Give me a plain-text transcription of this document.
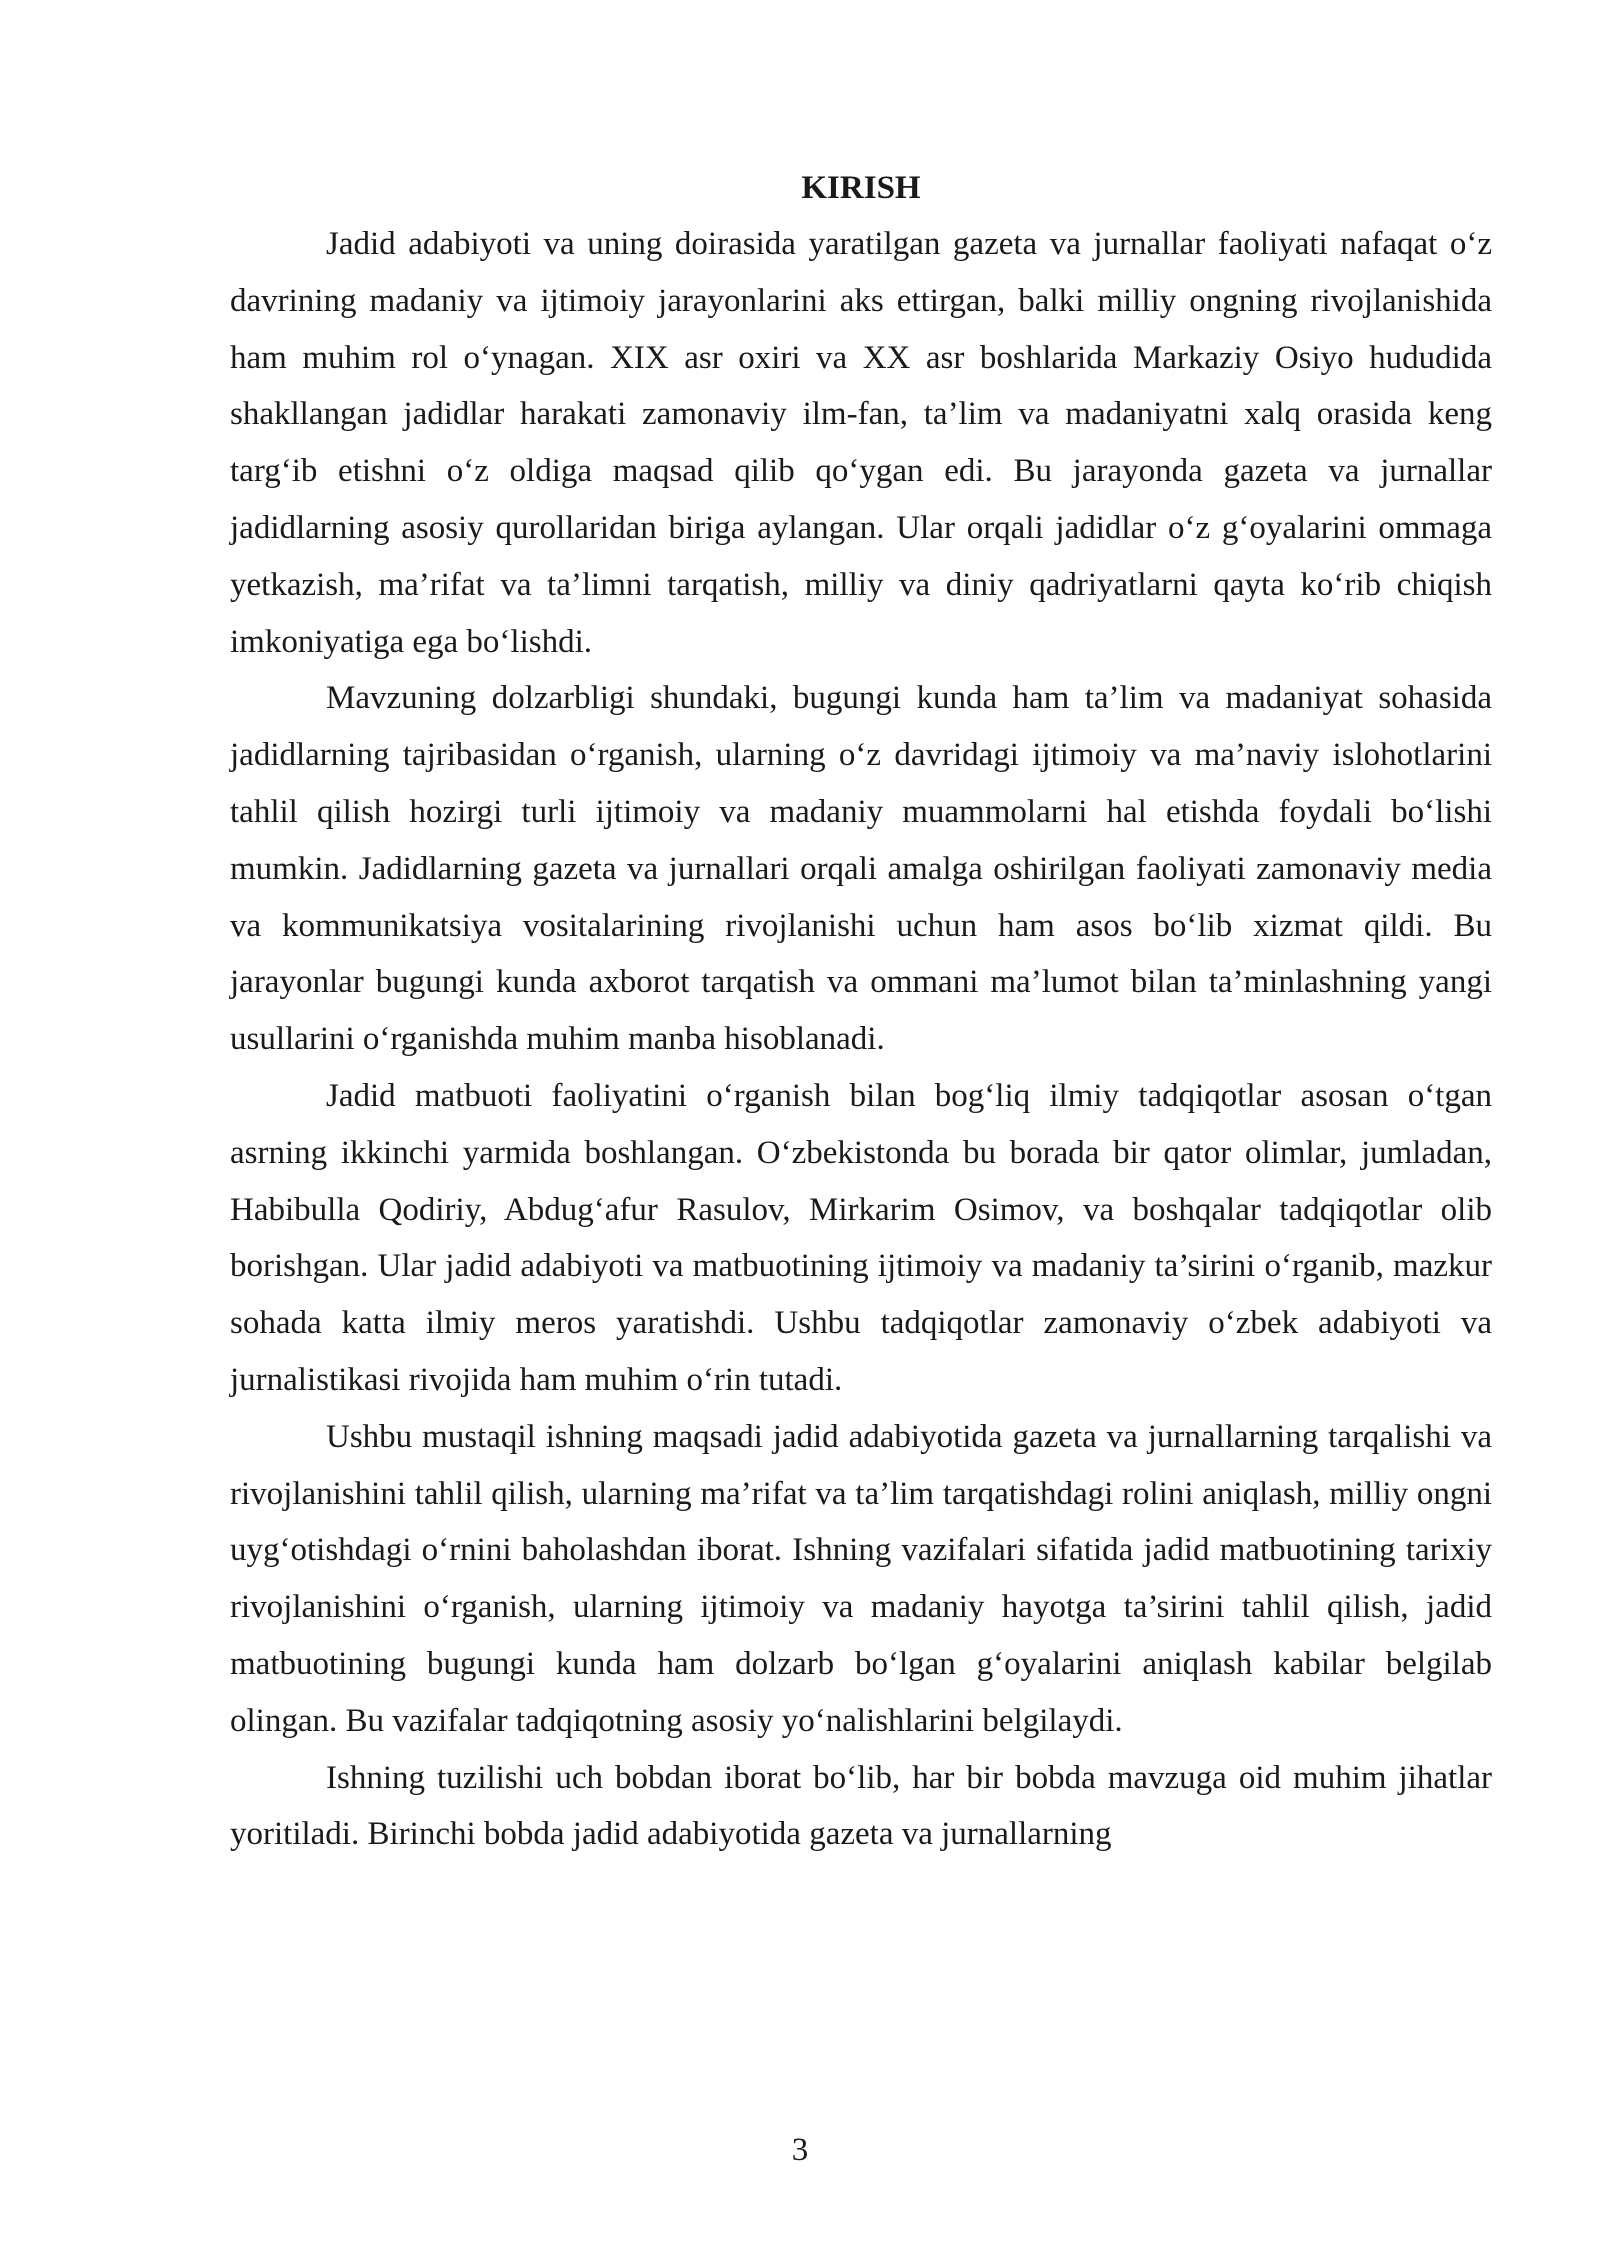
KIRISH

Jadid adabiyoti va uning doirasida yaratilgan gazeta va jurnallar faoliyati nafaqat o‘z davrining madaniy va ijtimoiy jarayonlarini aks ettirgan, balki milliy ongning rivojlanishida ham muhim rol o‘ynagan. XIX asr oxiri va XX asr boshlarida Markaziy Osiyo hududida shakllangan jadidlar harakati zamonaviy ilm-fan, ta’lim va madaniyatni xalq orasida keng targ‘ib etishni o‘z oldiga maqsad qilib qo‘ygan edi. Bu jarayonda gazeta va jurnallar jadidlarning asosiy qurollaridan biriga aylangan. Ular orqali jadidlar o‘z g‘oyalarini ommaga yetkazish, ma’rifat va ta’limni tarqatish, milliy va diniy qadriyatlarni qayta ko‘rib chiqish imkoniyatiga ega bo‘lishdi.

Mavzuning dolzarbligi shundaki, bugungi kunda ham ta’lim va madaniyat sohasida jadidlarning tajribasidan o‘rganish, ularning o‘z davridagi ijtimoiy va ma’naviy islohotlarini tahlil qilish hozirgi turli ijtimoiy va madaniy muammolarni hal etishda foydali bo‘lishi mumkin. Jadidlarning gazeta va jurnallari orqali amalga oshirilgan faoliyati zamonaviy media va kommunikatsiya vositalarining rivojlanishi uchun ham asos bo‘lib xizmat qildi. Bu jarayonlar bugungi kunda axborot tarqatish va ommani ma’lumot bilan ta’minlashning yangi usullarini o‘rganishda muhim manba hisoblanadi.

Jadid matbuoti faoliyatini o‘rganish bilan bog‘liq ilmiy tadqiqotlar asosan o‘tgan asrning ikkinchi yarmida boshlangan. O‘zbekistonda bu borada bir qator olimlar, jumladan, Habibulla Qodiriy, Abdug‘afur Rasulov, Mirkarim Osimov, va boshqalar tadqiqotlar olib borishgan. Ular jadid adabiyoti va matbuotining ijtimoiy va madaniy ta’sirini o‘rganib, mazkur sohada katta ilmiy meros yaratishdi. Ushbu tadqiqotlar zamonaviy o‘zbek adabiyoti va jurnalistikasi rivojida ham muhim o‘rin tutadi.

Ushbu mustaqil ishning maqsadi jadid adabiyotida gazeta va jurnallarning tarqalishi va rivojlanishini tahlil qilish, ularning ma’rifat va ta’lim tarqatishdagi rolini aniqlash, milliy ongni uyg‘otishdagi o‘rnini baholashdan iborat. Ishning vazifalari sifatida jadid matbuotining tarixiy rivojlanishini o‘rganish, ularning ijtimoiy va madaniy hayotga ta’sirini tahlil qilish, jadid matbuotining bugungi kunda ham dolzarb bo‘lgan g‘oyalarini aniqlash kabilar belgilab olingan. Bu vazifalar tadqiqotning asosiy yo‘nalishlarini belgilaydi.

Ishning tuzilishi uch bobdan iborat bo‘lib, har bir bobda mavzuga oid muhim jihatlar yoritiladi. Birinchi bobda jadid adabiyotida gazeta va jurnallarning

3
